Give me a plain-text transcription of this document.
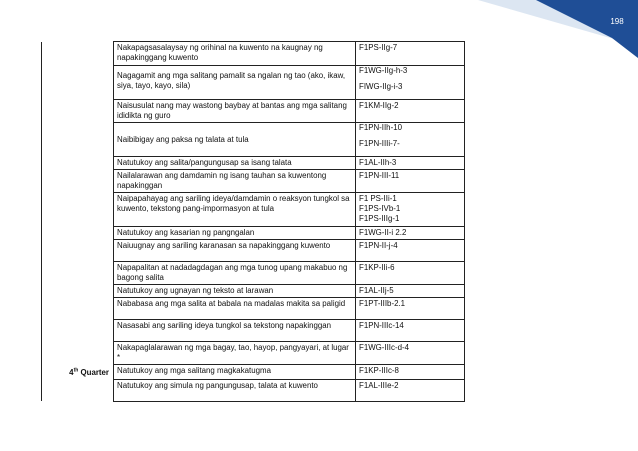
198
	Nakapagsasalaysay ng orihinal na kuwento na kaugnay ng napakinggang kuwento	F1PS-IIg-7
	Nagagamit ang mga salitang pamalit sa ngalan ng tao (ako, ikaw, siya, tayo, kayo, sila)	F1WG-IIg-h-3

FIWG-IIg-i-3
	Naisusulat nang may wastong baybay at bantas ang mga salitang ididikta ng guro	F1KM-IIg-2
	Naibibigay ang paksa ng talata at tula	F1PN-IIh-10

F1PN-IIIi-7-
	Natutukoy ang salita/pangungusap sa isang talata	F1AL-IIh-3
	Nailalarawan ang damdamin ng isang tauhan sa kuwentong napakinggan	F1PN-III-11
	Naipapahayag ang sariling ideya/damdamin o reaksyon tungkol sa kuwento, tekstong pang-impormasyon at tula	F1 PS-IIi-1
F1PS-IVb-1
F1PS-IIIg-1
	Natutukoy ang kasarian ng pangngalan	F1WG-II-i 2.2
	Naiuugnay ang sariling karanasan sa napakinggang kuwento	F1PN-II-j-4
	Napapalitan at nadadagdagan ang mga tunog upang makabuo ng bagong salita	F1KP-IIi-6
	Natutukoy ang ugnayan ng teksto at larawan	F1AL-IIj-5
	Nababasa ang mga salita at babala na madalas makita sa paligid	F1PT-IIIb-2.1
	Nasasabi ang sariling ideya tungkol sa tekstong napakinggan	F1PN-IIIc-14
	Nakapaglalarawan ng mga bagay, tao, hayop, pangyayari, at lugar *	F1WG-IIIc-d-4
4th Quarter	Natutukoy ang mga salitang magkakatugma	F1KP-IIIc-8
	Natutukoy ang simula ng pangungusap, talata at kuwento	F1AL-IIIe-2
